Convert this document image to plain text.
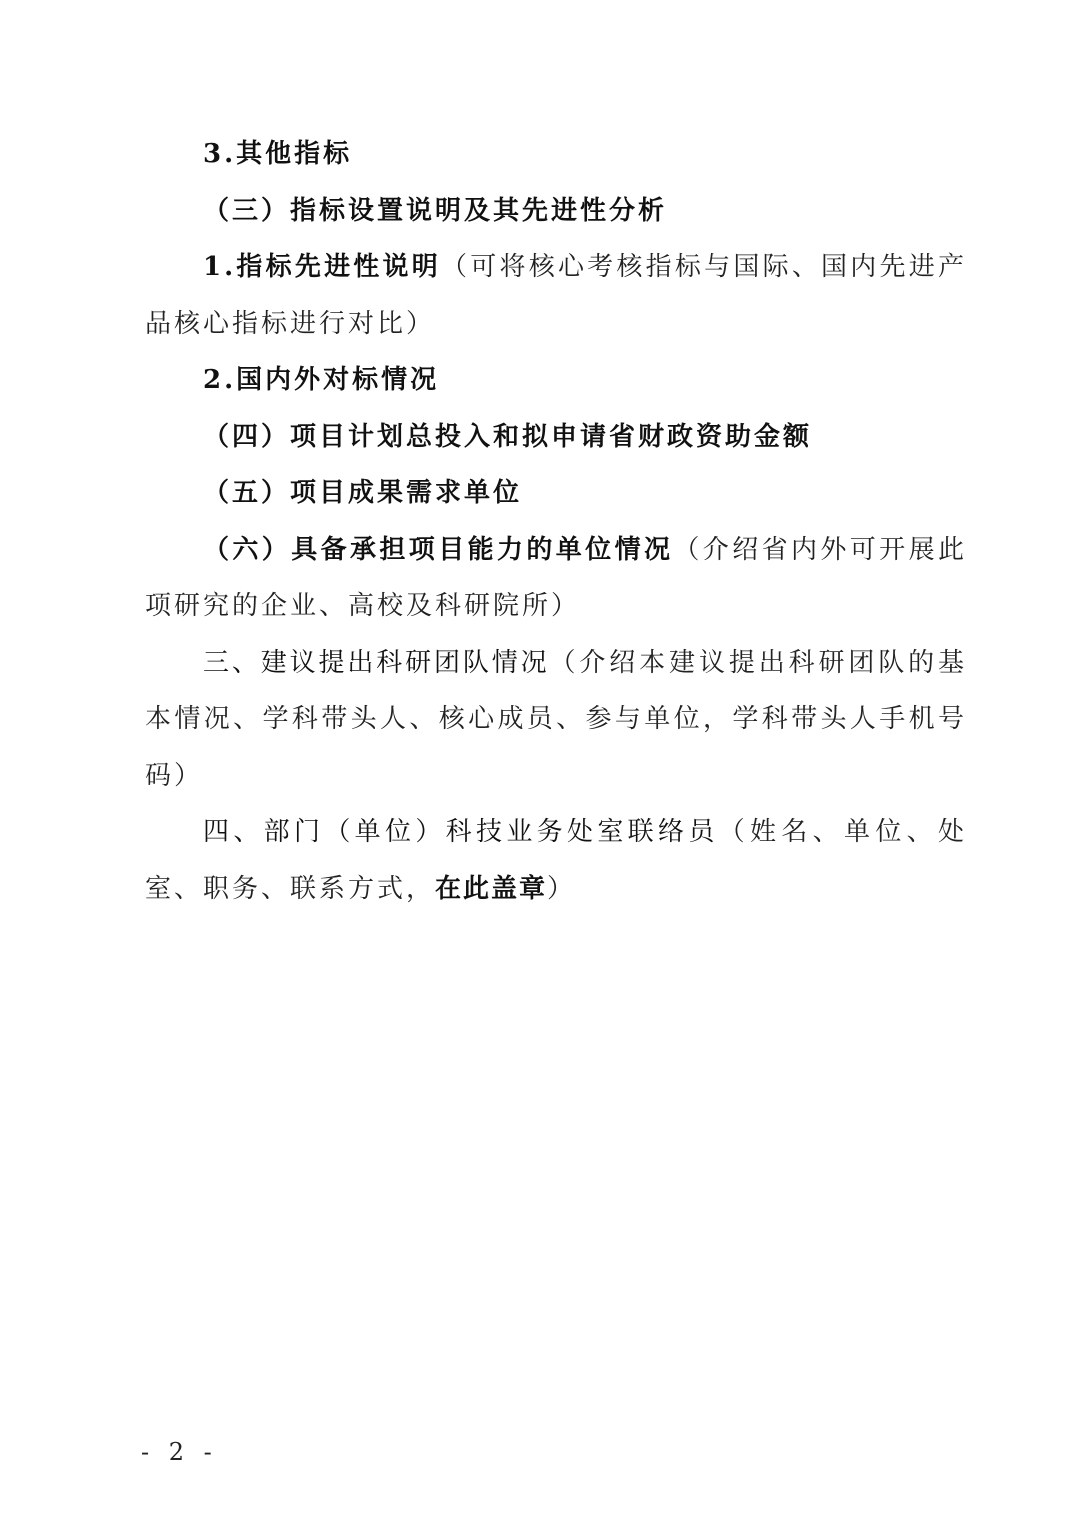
3.其他指标

（三）指标设置说明及其先进性分析

1.指标先进性说明（可将核心考核指标与国际、国内先进产品核心指标进行对比）

2.国内外对标情况

（四）项目计划总投入和拟申请省财政资助金额

（五）项目成果需求单位

（六）具备承担项目能力的单位情况（介绍省内外可开展此项研究的企业、高校及科研院所）

三、建议提出科研团队情况（介绍本建议提出科研团队的基本情况、学科带头人、核心成员、参与单位，学科带头人手机号码）

四、部门（单位）科技业务处室联络员（姓名、单位、处室、职务、联系方式，在此盖章）

- 2 -
